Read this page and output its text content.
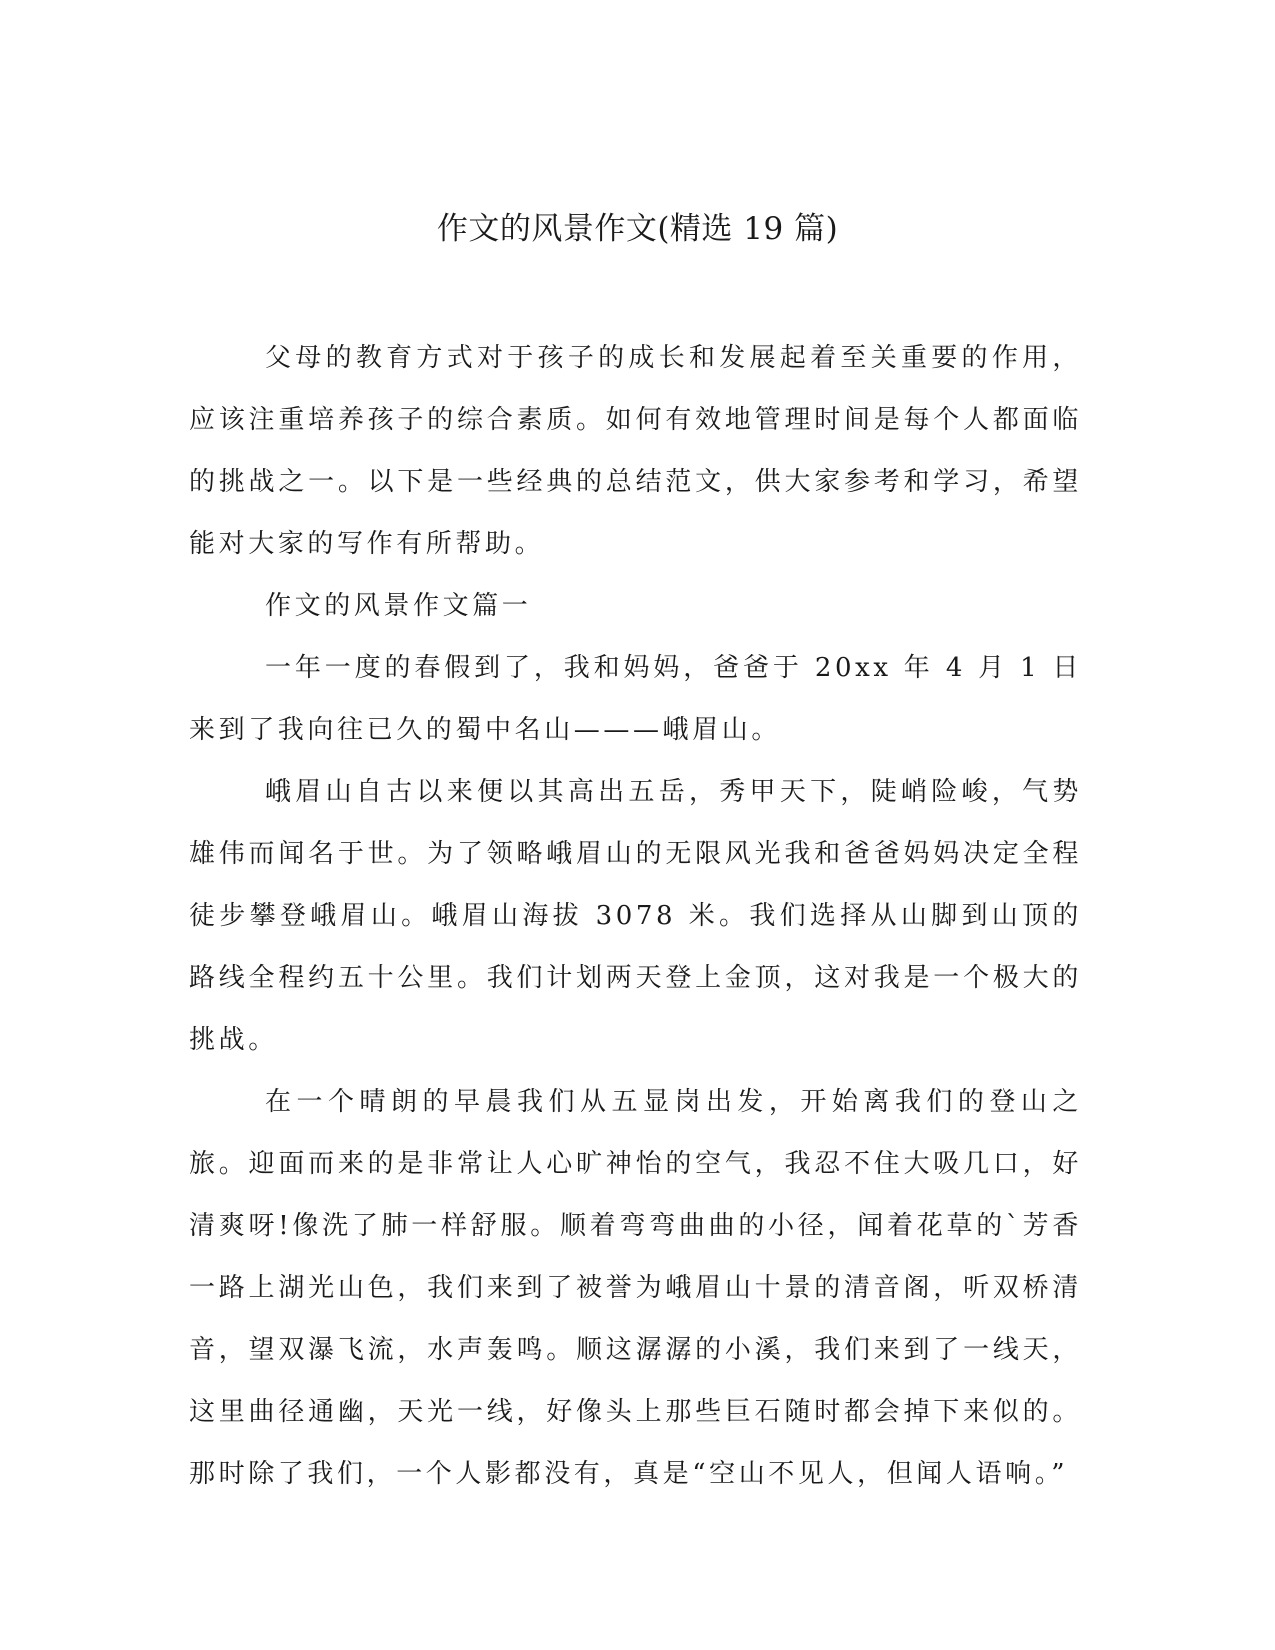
作文的风景作文(精选 19 篇)

父母的教育方式对于孩子的成长和发展起着至关重要的作用，应该注重培养孩子的综合素质。如何有效地管理时间是每个人都面临的挑战之一。以下是一些经典的总结范文，供大家参考和学习，希望能对大家的写作有所帮助。

作文的风景作文篇一

一年一度的春假到了，我和妈妈，爸爸于 20xx 年 4 月 1 日来到了我向往已久的蜀中名山———峨眉山。

峨眉山自古以来便以其高出五岳，秀甲天下，陡峭险峻，气势雄伟而闻名于世。为了领略峨眉山的无限风光我和爸爸妈妈决定全程徒步攀登峨眉山。峨眉山海拔 3078 米。我们选择从山脚到山顶的路线全程约五十公里。我们计划两天登上金顶，这对我是一个极大的挑战。

在一个晴朗的早晨我们从五显岗出发，开始离我们的登山之旅。迎面而来的是非常让人心旷神怡的空气，我忍不住大吸几口，好清爽呀!像洗了肺一样舒服。顺着弯弯曲曲的小径，闻着花草的`芳香一路上湖光山色，我们来到了被誉为峨眉山十景的清音阁，听双桥清音，望双瀑飞流，水声轰鸣。顺这潺潺的小溪，我们来到了一线天，这里曲径通幽，天光一线，好像头上那些巨石随时都会掉下来似的。那时除了我们，一个人影都没有，真是“空山不见人，但闻人语响。”
